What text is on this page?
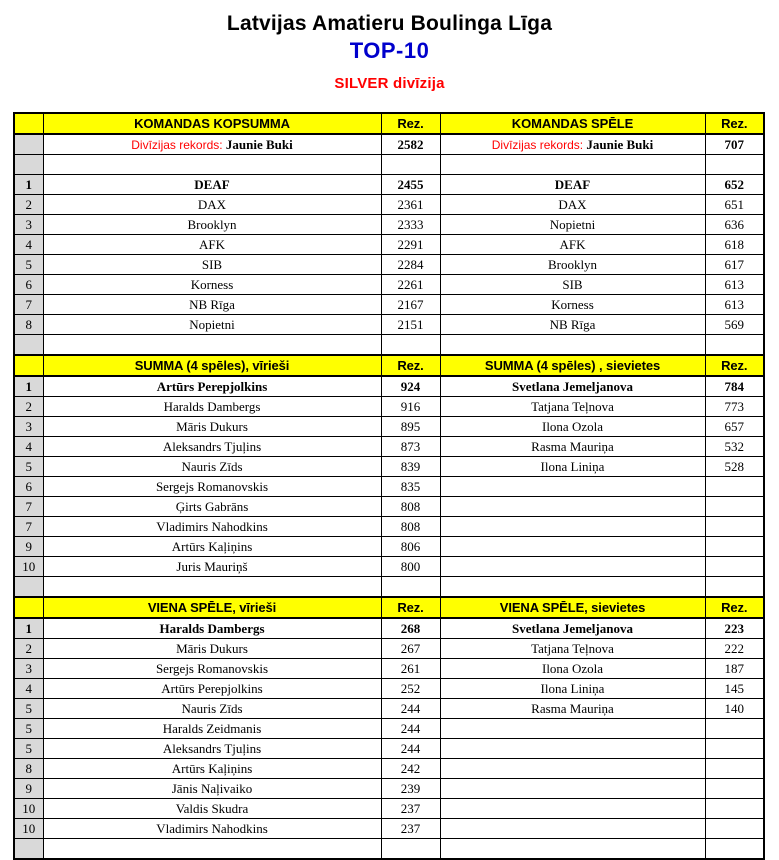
Latvijas Amatieru Boulinga Līga
TOP-10
SILVER divīzija
	KOMANDAS KOPSUMMA	Rez.	KOMANDAS SPĒLE	Rez.
	Divīzijas rekords: Jaunie Buki	2582	Divīzijas rekords: Jaunie Buki	707

1	DEAF	2455	DEAF	652
2	DAX	2361	DAX	651
3	Brooklyn	2333	Nopietni	636
4	AFK	2291	AFK	618
5	SIB	2284	Brooklyn	617
6	Korness	2261	SIB	613
7	NB Rīga	2167	Korness	613
8	Nopietni	2151	NB Rīga	569

	SUMMA (4 spēles), vīrieši	Rez.	SUMMA (4 spēles) , sievietes	Rez.
1	Artūrs Perepjolkins	924	Svetlana Jemeljanova	784
2	Haralds Dambergs	916	Tatjana Teļnova	773
3	Māris Dukurs	895	Ilona Ozola	657
4	Aleksandrs Tjuļins	873	Rasma Mauriņa	532
5	Nauris Zīds	839	Ilona Liniņa	528
6	Sergejs Romanovskis	835		
7	Ģirts Gabrāns	808		
7	Vladimirs Nahodkins	808		
9	Artūrs Kaļiņins	806		
10	Juris Mauriņš	800		

	VIENA SPĒLE, vīrieši	Rez.	VIENA SPĒLE, sievietes	Rez.
1	Haralds Dambergs	268	Svetlana Jemeljanova	223
2	Māris Dukurs	267	Tatjana Teļnova	222
3	Sergejs Romanovskis	261	Ilona Ozola	187
4	Artūrs Perepjolkins	252	Ilona Liniņa	145
5	Nauris Zīds	244	Rasma Mauriņa	140
5	Haralds Zeidmanis	244		
5	Aleksandrs Tjuļins	244		
8	Artūrs Kaļiņins	242		
9	Jānis Naļivaiko	239		
10	Valdis Skudra	237		
10	Vladimirs Nahodkins	237		
